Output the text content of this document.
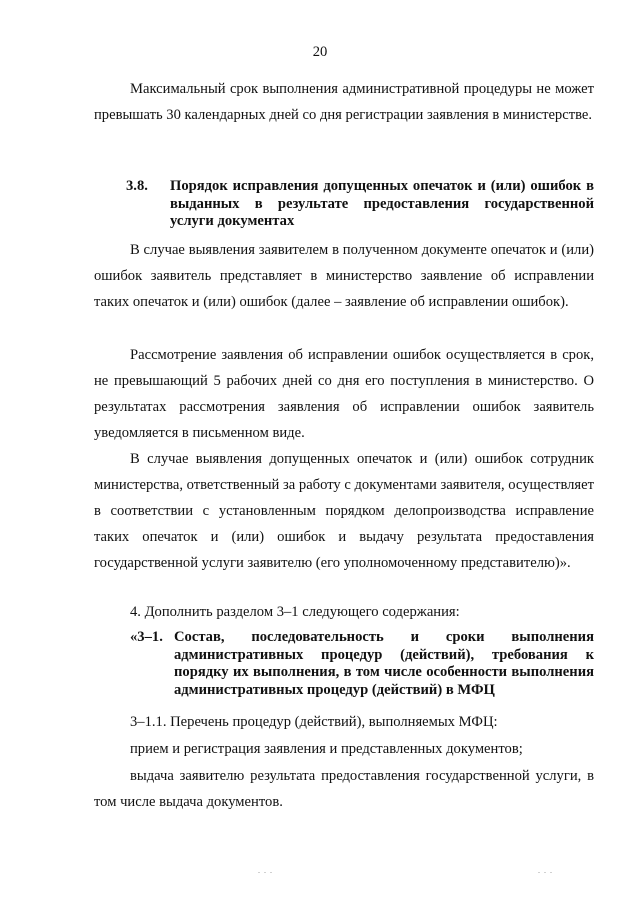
20
Максимальный срок выполнения административной процедуры не может превышать 30 календарных дней со дня регистрации заявления в министерстве.
3.8. Порядок исправления допущенных опечаток и (или) ошибок в выданных в результате предоставления государственной услуги документах
В случае выявления заявителем в полученном документе опечаток и (или) ошибок заявитель представляет в министерство заявление об исправлении таких опечаток и (или) ошибок (далее – заявление об исправлении ошибок).
Рассмотрение заявления об исправлении ошибок осуществляется в срок, не превышающий 5 рабочих дней со дня его поступления в министерство. О результатах рассмотрения заявления об исправлении ошибок заявитель уведомляется в письменном виде.
В случае выявления допущенных опечаток и (или) ошибок сотрудник министерства, ответственный за работу с документами заявителя, осуществляет в соответствии с установленным порядком делопроизводства исправление таких опечаток и (или) ошибок и выдачу результата предоставления государственной услуги заявителю (его уполномоченному представителю)».
4. Дополнить разделом 3–1 следующего содержания:
«3–1. Состав, последовательность и сроки выполнения административных процедур (действий), требования к порядку их выполнения, в том числе особенности выполнения административных процедур (действий) в МФЦ
3–1.1. Перечень процедур (действий), выполняемых МФЦ:
прием и регистрация заявления и представленных документов;
выдача заявителю результата предоставления государственной услуги, в том числе выдача документов.
. . .	. . .
